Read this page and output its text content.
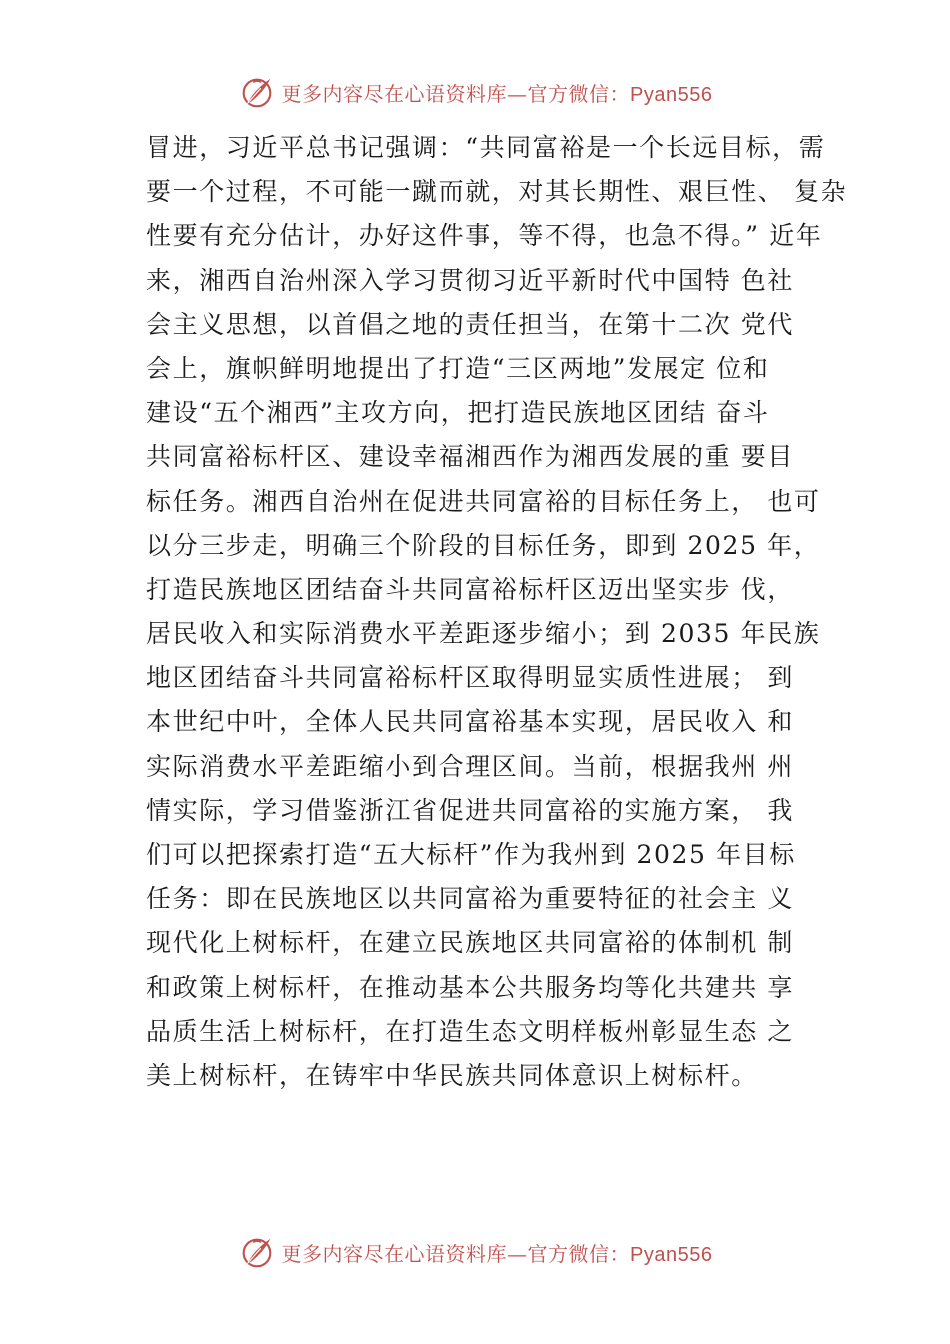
更多内容尽在心语资料库—官方微信：Pyan556
冒进，习近平总书记强调：“共同富裕是一个长远目标，需
要一个过程，不可能一蹴而就，对其长期性、艰巨性、 复杂
性要有充分估计，办好这件事，等不得，也急不得。” 近年
来，湘西自治州深入学习贯彻习近平新时代中国特 色社
会主义思想，以首倡之地的责任担当，在第十二次 党代
会上，旗帜鲜明地提出了打造“三区两地”发展定 位和
建设“五个湘西”主攻方向，把打造民族地区团结 奋斗
共同富裕标杆区、建设幸福湘西作为湘西发展的重 要目
标任务。湘西自治州在促进共同富裕的目标任务上， 也可
以分三步走，明确三个阶段的目标任务，即到 2025 年，
打造民族地区团结奋斗共同富裕标杆区迈出坚实步 伐，
居民收入和实际消费水平差距逐步缩小；到 2035 年民族
地区团结奋斗共同富裕标杆区取得明显实质性进展； 到
本世纪中叶，全体人民共同富裕基本实现，居民收入 和
实际消费水平差距缩小到合理区间。当前，根据我州 州
情实际，学习借鉴浙江省促进共同富裕的实施方案， 我
们可以把探索打造“五大标杆”作为我州到 2025 年目标
任务：即在民族地区以共同富裕为重要特征的社会主 义
现代化上树标杆，在建立民族地区共同富裕的体制机 制
和政策上树标杆，在推动基本公共服务均等化共建共 享
品质生活上树标杆，在打造生态文明样板州彰显生态 之
美上树标杆，在铸牢中华民族共同体意识上树标杆。
更多内容尽在心语资料库—官方微信：Pyan556
